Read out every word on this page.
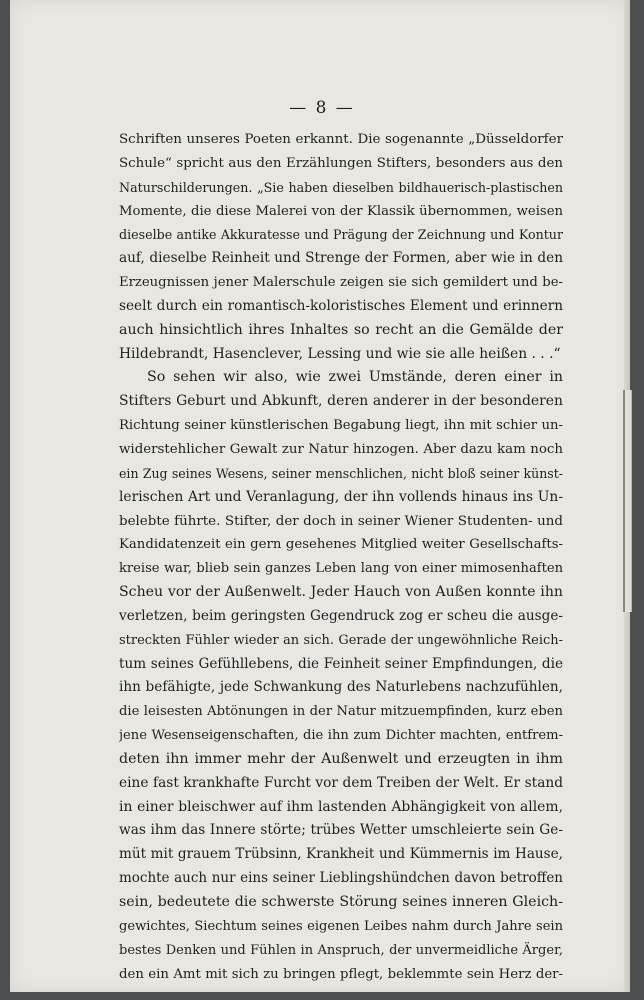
— 8 —
Schriften unseres Poeten erkannt. Die sogenannte „Düsseldorfer
Schule“ spricht aus den Erzählungen Stifters, besonders aus den
Naturschilderungen. „Sie haben dieselben bildhauerisch-plastischen
Momente, die diese Malerei von der Klassik übernommen, weisen
dieselbe antike Akkuratesse und Prägung der Zeichnung und Kontur
auf, dieselbe Reinheit und Strenge der Formen, aber wie in den
Erzeugnissen jener Malerschule zeigen sie sich gemildert und be-
seelt durch ein romantisch-koloristisches Element und erinnern
auch hinsichtlich ihres Inhaltes so recht an die Gemälde der
Hildebrandt, Hasenclever, Lessing und wie sie alle heißen . . .“
So sehen wir also, wie zwei Umstände, deren einer in
Stifters Geburt und Abkunft, deren anderer in der besonderen
Richtung seiner künstlerischen Begabung liegt, ihn mit schier un-
widerstehlicher Gewalt zur Natur hinzogen. Aber dazu kam noch
ein Zug seines Wesens, seiner menschlichen, nicht bloß seiner künst-
lerischen Art und Veranlagung, der ihn vollends hinaus ins Un-
belebte führte. Stifter, der doch in seiner Wiener Studenten- und
Kandidatenzeit ein gern gesehenes Mitglied weiter Gesellschafts-
kreise war, blieb sein ganzes Leben lang von einer mimosenhaften
Scheu vor der Außenwelt. Jeder Hauch von Außen konnte ihn
verletzen, beim geringsten Gegendruck zog er scheu die ausge-
streckten Fühler wieder an sich. Gerade der ungewöhnliche Reich-
tum seines Gefühllebens, die Feinheit seiner Empfindungen, die
ihn befähigte, jede Schwankung des Naturlebens nachzufühlen,
die leisesten Abtönungen in der Natur mitzuempfinden, kurz eben
jene Wesenseigenschaften, die ihn zum Dichter machten, entfrem-
deten ihn immer mehr der Außenwelt und erzeugten in ihm
eine fast krankhafte Furcht vor dem Treiben der Welt. Er stand
in einer bleischwer auf ihm lastenden Abhängigkeit von allem,
was ihm das Innere störte; trübes Wetter umschleierte sein Ge-
müt mit grauem Trübsinn, Krankheit und Kümmernis im Hause,
mochte auch nur eins seiner Lieblingshündchen davon betroffen
sein, bedeutete die schwerste Störung seines inneren Gleich-
gewichtes, Siechtum seines eigenen Leibes nahm durch Jahre sein
bestes Denken und Fühlen in Anspruch, der unvermeidliche Ärger,
den ein Amt mit sich zu bringen pflegt, beklemmte sein Herz der-
